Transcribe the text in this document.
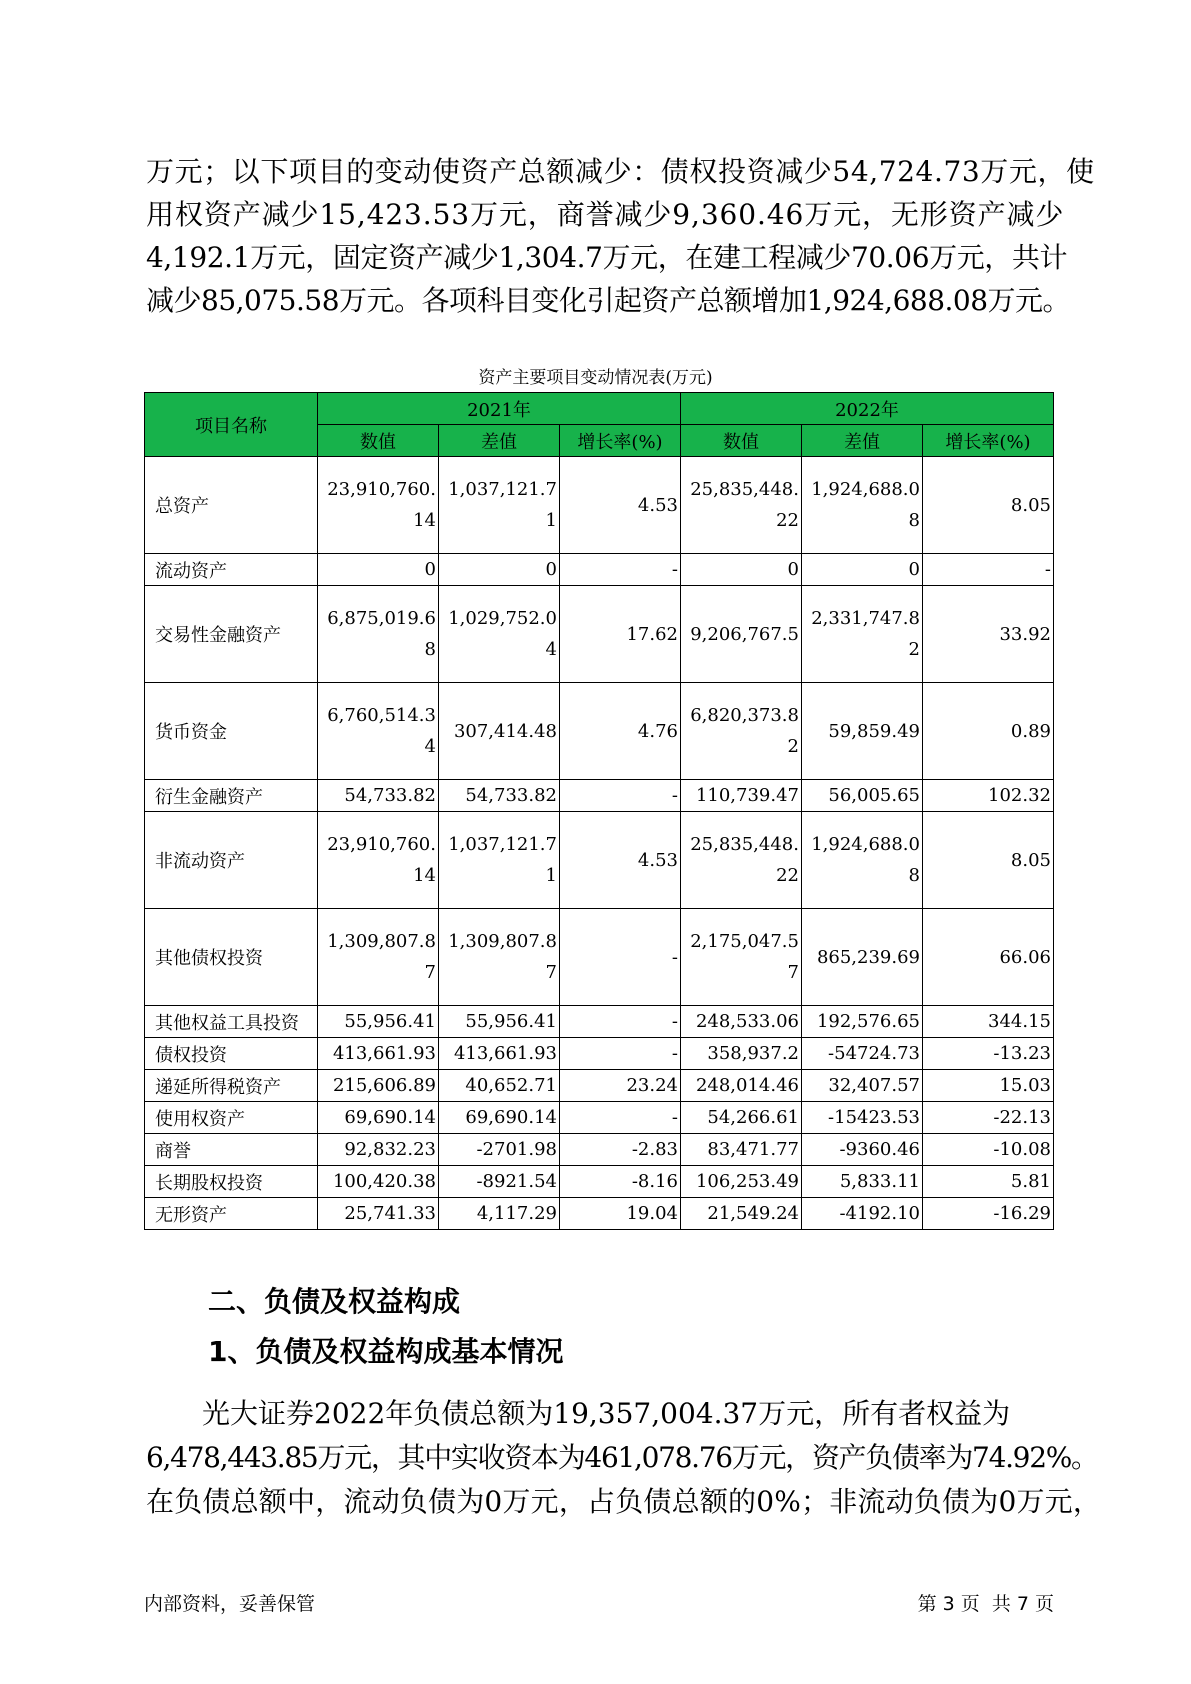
万元；以下项目的变动使资产总额减少：债权投资减少54,724.73万元，使
用权资产减少15,423.53万元，商誉减少9,360.46万元，无形资产减少
4,192.1万元，固定资产减少1,304.7万元，在建工程减少70.06万元，共计
减少85,075.58万元。各项科目变化引起资产总额增加1,924,688.08万元。
资产主要项目变动情况表(万元)
项目名称	2021年			2022年		
	数值	差值	增长率(%)	数值	差值	增长率(%)
总资产	23,910,760.14	1,037,121.71	4.53	25,835,448.22	1,924,688.08	8.05
流动资产	0	0	-	0	0	-
交易性金融资产	6,875,019.68	1,029,752.04	17.62	9,206,767.5	2,331,747.82	33.92
货币资金	6,760,514.34	307,414.48	4.76	6,820,373.82	59,859.49	0.89
衍生金融资产	54,733.82	54,733.82	-	110,739.47	56,005.65	102.32
非流动资产	23,910,760.14	1,037,121.71	4.53	25,835,448.22	1,924,688.08	8.05
其他债权投资	1,309,807.87	1,309,807.87	-	2,175,047.57	865,239.69	66.06
其他权益工具投资	55,956.41	55,956.41	-	248,533.06	192,576.65	344.15
债权投资	413,661.93	413,661.93	-	358,937.2	-54724.73	-13.23
递延所得税资产	215,606.89	40,652.71	23.24	248,014.46	32,407.57	15.03
使用权资产	69,690.14	69,690.14	-	54,266.61	-15423.53	-22.13
商誉	92,832.23	-2701.98	-2.83	83,471.77	-9360.46	-10.08
长期股权投资	100,420.38	-8921.54	-8.16	106,253.49	5,833.11	5.81
无形资产	25,741.33	4,117.29	19.04	21,549.24	-4192.10	-16.29
二、负债及权益构成
1、负债及权益构成基本情况
光大证券2022年负债总额为19,357,004.37万元，所有者权益为
6,478,443.85万元，其中实收资本为461,078.76万元，资产负债率为74.92%。
在负债总额中，流动负债为0万元，占负债总额的0%；非流动负债为0万元，
内部资料，妥善保管	第 3 页  共 7 页
